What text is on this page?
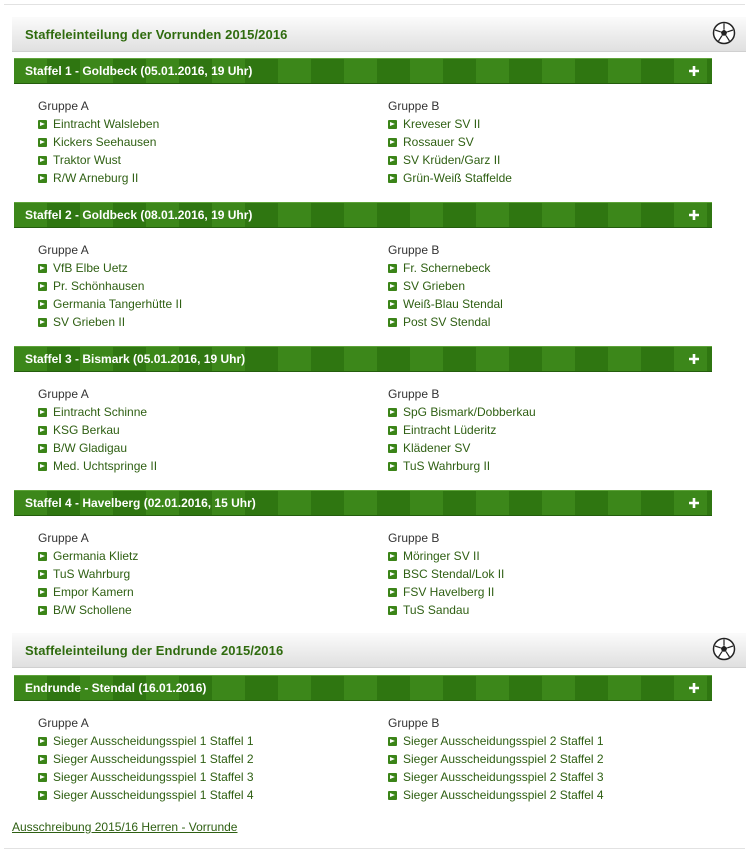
Staffeleinteilung der Vorrunden 2015/2016
Staffel 1 - Goldbeck (05.01.2016, 19 Uhr)
Gruppe A
Eintracht Walsleben
Kickers Seehausen
Traktor Wust
R/W Arneburg II
Gruppe B
Kreveser SV II
Rossauer SV
SV Krüden/Garz II
Grün-Weiß Staffelde
Staffel 2 - Goldbeck (08.01.2016, 19 Uhr)
Gruppe A
VfB Elbe Uetz
Pr. Schönhausen
Germania Tangerhütte II
SV Grieben II
Gruppe B
Fr. Schernebeck
SV Grieben
Weiß-Blau Stendal
Post SV Stendal
Staffel 3 - Bismark (05.01.2016, 19 Uhr)
Gruppe A
Eintracht Schinne
KSG Berkau
B/W Gladigau
Med. Uchtspringe II
Gruppe B
SpG Bismark/Dobberkau
Eintracht Lüderitz
Klädener SV
TuS Wahrburg II
Staffel 4 - Havelberg (02.01.2016, 15 Uhr)
Gruppe A
Germania Klietz
TuS Wahrburg
Empor Kamern
B/W Schollene
Gruppe B
Möringer SV II
BSC Stendal/Lok II
FSV Havelberg II
TuS Sandau
Staffeleinteilung der Endrunde 2015/2016
Endrunde - Stendal (16.01.2016)
Gruppe A
Sieger Ausscheidungsspiel 1 Staffel 1
Sieger Ausscheidungsspiel 1 Staffel 2
Sieger Ausscheidungsspiel 1 Staffel 3
Sieger Ausscheidungsspiel 1 Staffel 4
Gruppe B
Sieger Ausscheidungsspiel 2 Staffel 1
Sieger Ausscheidungsspiel 2 Staffel 2
Sieger Ausscheidungsspiel 2 Staffel 3
Sieger Ausscheidungsspiel 2 Staffel 4
Ausschreibung 2015/16 Herren - Vorrunde
